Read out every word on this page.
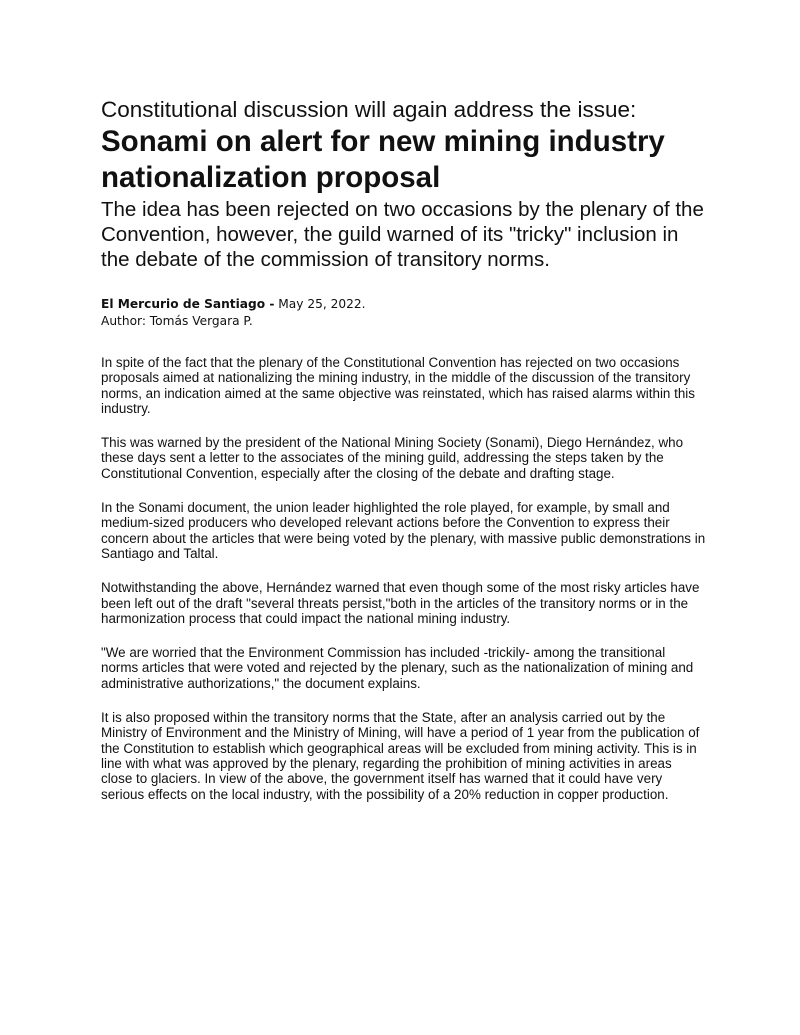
Constitutional discussion will again address the issue:
Sonami on alert for new mining industry nationalization proposal

The idea has been rejected on two occasions by the plenary of the Convention, however, the guild warned of its "tricky" inclusion in the debate of the commission of transitory norms.

El Mercurio de Santiago - May 25, 2022.
Author: Tomás Vergara P.

In spite of the fact that the plenary of the Constitutional Convention has rejected on two occasions proposals aimed at nationalizing the mining industry, in the middle of the discussion of the transitory norms, an indication aimed at the same objective was reinstated, which has raised alarms within this industry.

This was warned by the president of the National Mining Society (Sonami), Diego Hernández, who these days sent a letter to the associates of the mining guild, addressing the steps taken by the Constitutional Convention, especially after the closing of the debate and drafting stage.

In the Sonami document, the union leader highlighted the role played, for example, by small and medium-sized producers who developed relevant actions before the Convention to express their concern about the articles that were being voted by the plenary, with massive public demonstrations in Santiago and Taltal.

Notwithstanding the above, Hernández warned that even though some of the most risky articles have been left out of the draft "several threats persist,"both in the articles of the transitory norms or in the harmonization process that could impact the national mining industry.

"We are worried that the Environment Commission has included -trickily- among the transitional norms articles that were voted and rejected by the plenary, such as the nationalization of mining and administrative authorizations," the document explains.

It is also proposed within the transitory norms that the State, after an analysis carried out by the Ministry of Environment and the Ministry of Mining, will have a period of 1 year from the publication of the Constitution to establish which geographical areas will be excluded from mining activity. This is in line with what was approved by the plenary, regarding the prohibition of mining activities in areas close to glaciers. In view of the above, the government itself has warned that it could have very serious effects on the local industry, with the possibility of a 20% reduction in copper production.
